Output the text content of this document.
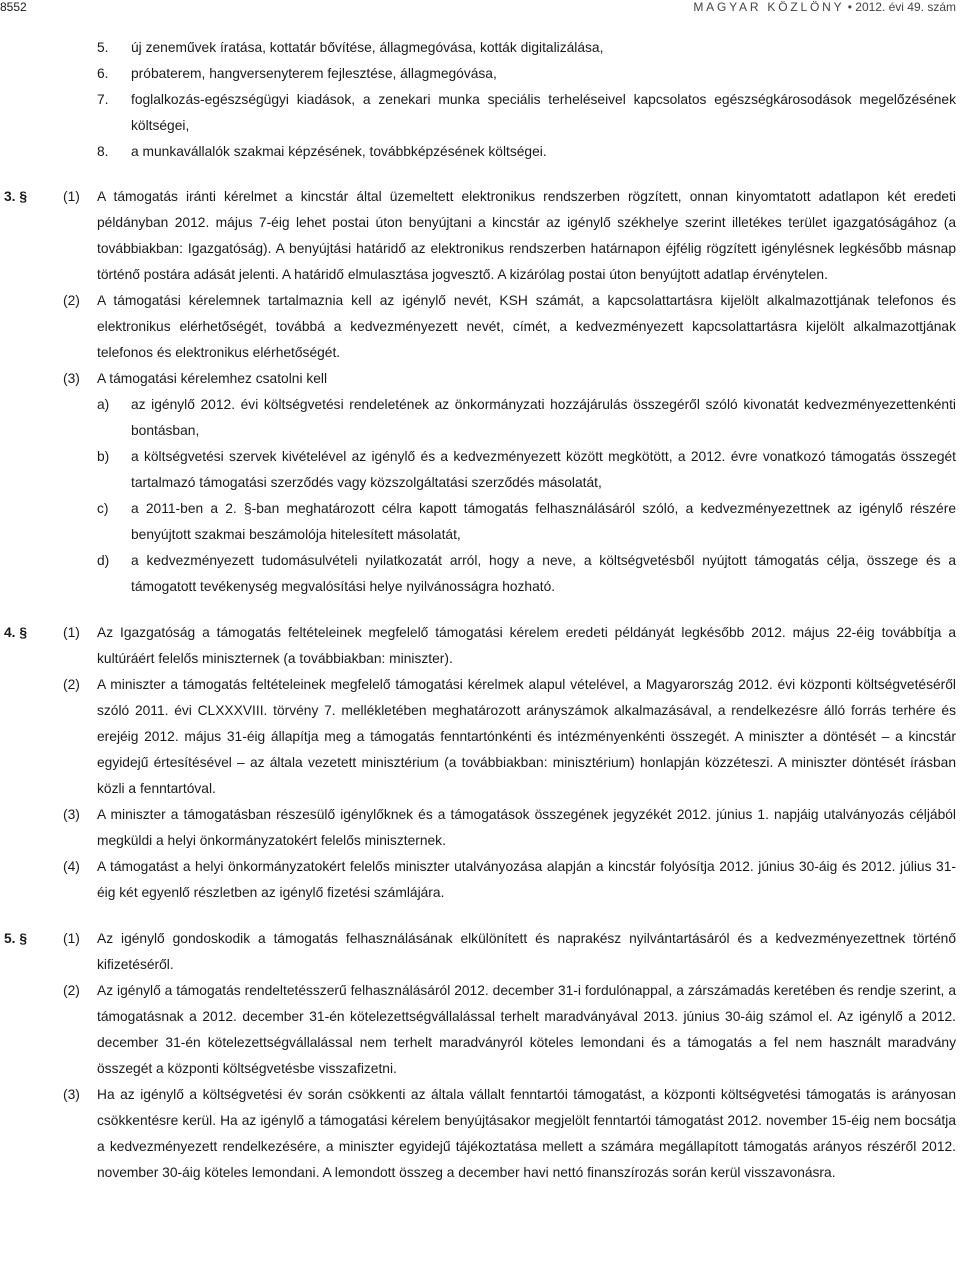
8552	MAGYAR KÖZLÖNY • 2012. évi 49. szám
5.	új zeneművek íratása, kottatár bővítése, állagmegóvása, kották digitalizálása,
6.	próbaterem, hangversenyterem fejlesztése, állagmegóvása,
7.	foglalkozás-egészségügyi kiadások, a zenekari munka speciális terheléseivel kapcsolatos egészségkárosodások megelőzésének költségei,
8.	a munkavállalók szakmai képzésének, továbbképzésének költségei.
3. §	(1)	A támogatás iránti kérelmet a kincstár által üzemeltett elektronikus rendszerben rögzített, onnan kinyomtatott adatlapon két eredeti példányban 2012. május 7-éig lehet postai úton benyújtani a kincstár az igénylő székhelye szerint illetékes terület igazgatóságához (a továbbiakban: Igazgatóság). A benyújtási határidő az elektronikus rendszerben határnapon éjfélig rögzített igénylésnek legkésőbb másnap történő postára adását jelenti. A határidő elmulasztása jogvesztő. A kizárólag postai úton benyújtott adatlap érvénytelen.
(2)	A támogatási kérelemnek tartalmaznia kell az igénylő nevét, KSH számát, a kapcsolattartásra kijelölt alkalmazottjának telefonos és elektronikus elérhetőségét, továbbá a kedvezményezett nevét, címét, a kedvezményezett kapcsolattartásra kijelölt alkalmazottjának telefonos és elektronikus elérhetőségét.
(3)	A támogatási kérelemhez csatolni kell
a)	az igénylő 2012. évi költségvetési rendeletének az önkormányzati hozzájárulás összegéről szóló kivonatát kedvezményezettenkénti bontásban,
b)	a költségvetési szervek kivételével az igénylő és a kedvezményezett között megkötött, a 2012. évre vonatkozó támogatás összegét tartalmazó támogatási szerződés vagy közszolgáltatási szerződés másolatát,
c)	a 2011-ben a 2. §-ban meghatározott célra kapott támogatás felhasználásáról szóló, a kedvezményezettnek az igénylő részére benyújtott szakmai beszámolója hitelesített másolatát,
d)	a kedvezményezett tudomásulvételi nyilatkozatát arról, hogy a neve, a költségvetésből nyújtott támogatás célja, összege és a támogatott tevékenység megvalósítási helye nyilvánosságra hozható.
4. §	(1)	Az Igazgatóság a támogatás feltételeinek megfelelő támogatási kérelem eredeti példányát legkésőbb 2012. május 22-éig továbbítja a kultúráért felelős miniszternek (a továbbiakban: miniszter).
(2)	A miniszter a támogatás feltételeinek megfelelő támogatási kérelmek alapul vételével, a Magyarország 2012. évi központi költségvetéséről szóló 2011. évi CLXXXVIII. törvény 7. mellékletében meghatározott arányszámok alkalmazásával, a rendelkezésre álló forrás terhére és erejéig 2012. május 31-éig állapítja meg a támogatás fenntartónkénti és intézményenkénti összegét. A miniszter a döntését – a kincstár egyidejű értesítésével – az általa vezetett minisztérium (a továbbiakban: minisztérium) honlapján közzéteszi. A miniszter döntését írásban közli a fenntartóval.
(3)	A miniszter a támogatásban részesülő igénylőknek és a támogatások összegének jegyzékét 2012. június 1. napjáig utalványozás céljából megküldi a helyi önkormányzatokért felelős miniszternek.
(4)	A támogatást a helyi önkormányzatokért felelős miniszter utalványozása alapján a kincstár folyósítja 2012. június 30-áig és 2012. július 31-éig két egyenlő részletben az igénylő fizetési számlájára.
5. §	(1)	Az igénylő gondoskodik a támogatás felhasználásának elkülönített és naprakész nyilvántartásáról és a kedvezményezettnek történő kifizetéséről.
(2)	Az igénylő a támogatás rendeltetésszerű felhasználásáról 2012. december 31-i fordulónappal, a zárszámadás keretében és rendje szerint, a támogatásnak a 2012. december 31-én kötelezettségvállalással terhelt maradványával 2013. június 30-áig számol el. Az igénylő a 2012. december 31-én kötelezettségvállalással nem terhelt maradványról köteles lemondani és a támogatás a fel nem használt maradvány összegét a központi költségvetésbe visszafizetni.
(3)	Ha az igénylő a költségvetési év során csökkenti az általa vállalt fenntartói támogatást, a központi költségvetési támogatás is arányosan csökkentésre kerül. Ha az igénylő a támogatási kérelem benyújtásakor megjelölt fenntartói támogatást 2012. november 15-éig nem bocsátja a kedvezményezett rendelkezésére, a miniszter egyidejű tájékoztatása mellett a számára megállapított támogatás arányos részéről 2012. november 30-áig köteles lemondani. A lemondott összeg a december havi nettó finanszírozás során kerül visszavonásra.
